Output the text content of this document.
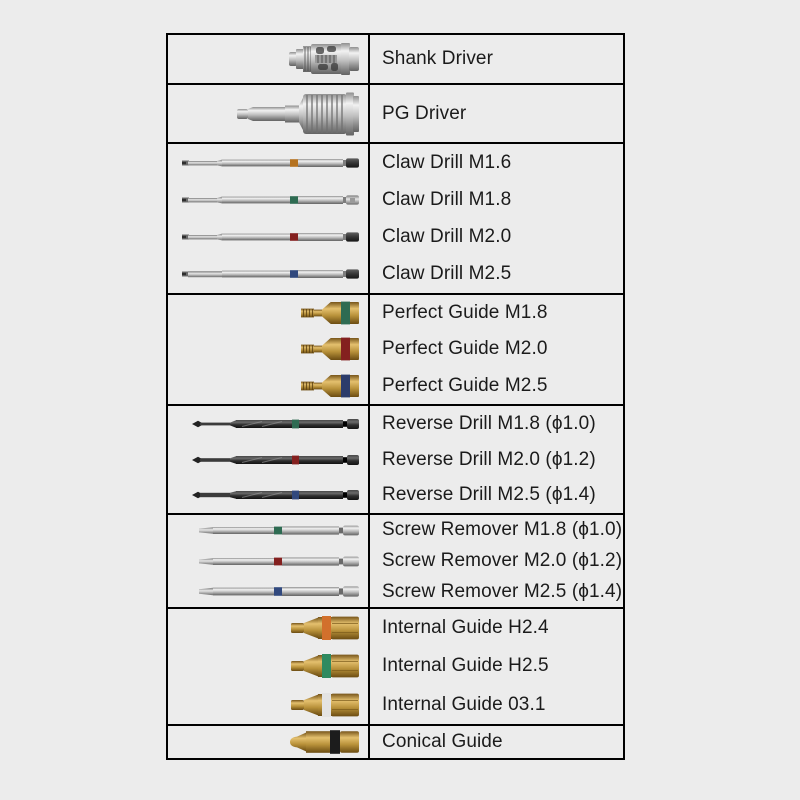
Shank Driver
PG Driver
Claw Drill M1.6
Claw Drill M1.8
Claw Drill M2.0
Claw Drill M2.5
Perfect Guide M1.8
Perfect Guide M2.0
Perfect Guide M2.5
Reverse Drill M1.8 (ϕ1.0)
Reverse Drill M2.0 (ϕ1.2)
Reverse Drill M2.5 (ϕ1.4)
Screw Remover M1.8 (ϕ1.0)
Screw Remover M2.0 (ϕ1.2)
Screw Remover M2.5 (ϕ1.4)
Internal Guide H2.4
Internal Guide H2.5
Internal Guide 03.1
Conical Guide
